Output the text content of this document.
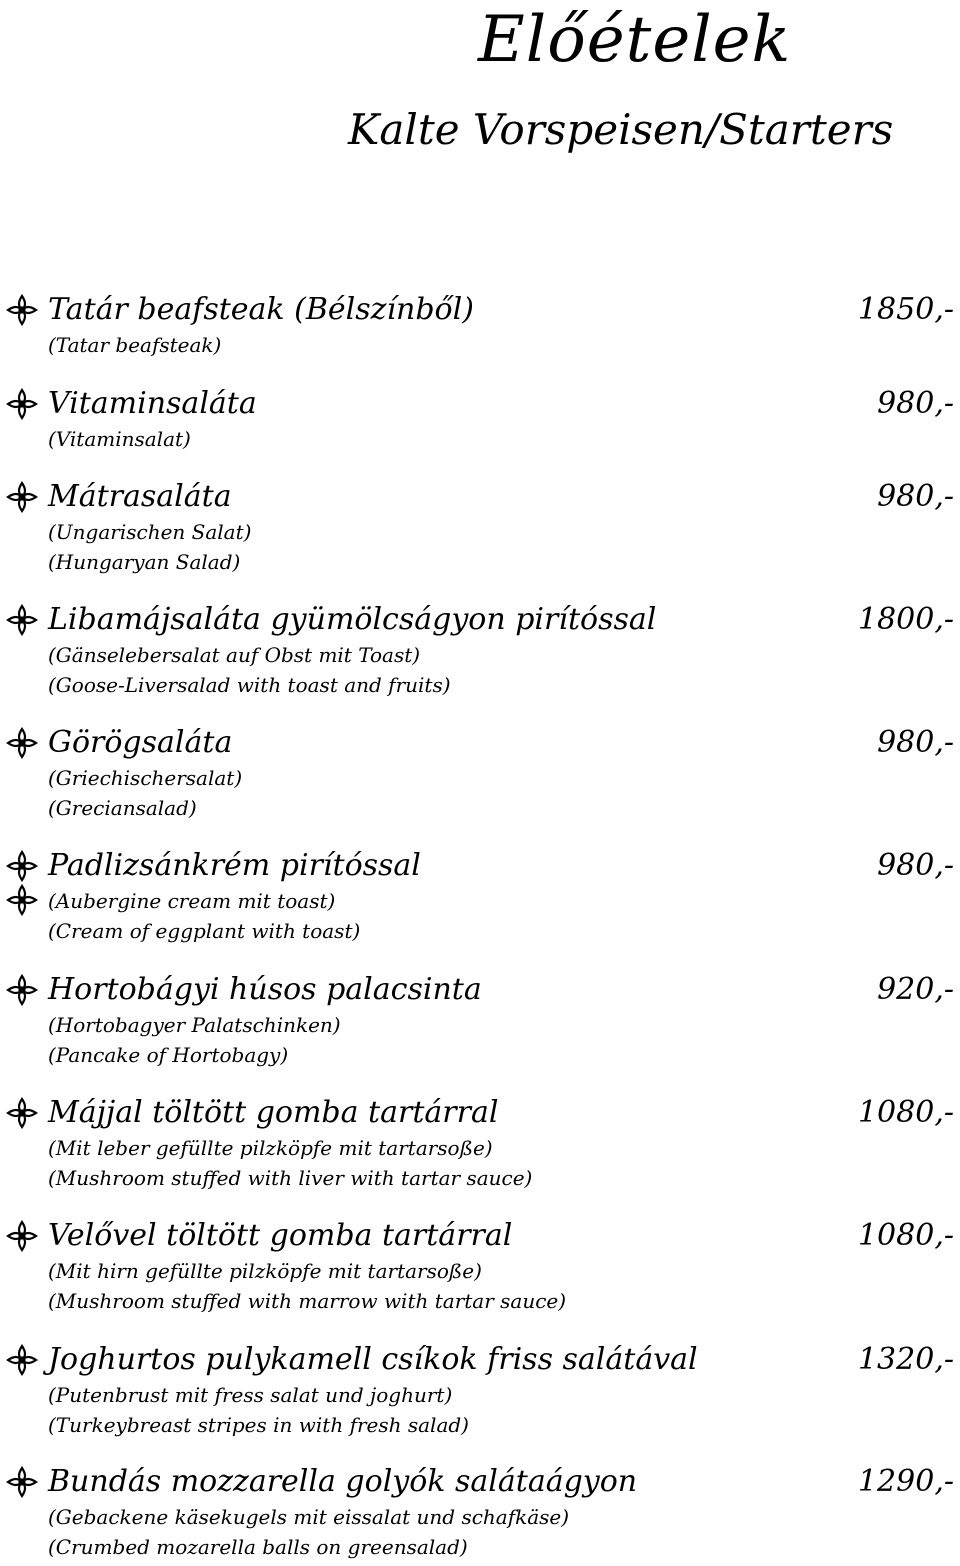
Előételek
Kalte Vorspeisen/Starters
Tatár beafsteak (Bélszínből)	1850,-
(Tatar beafsteak)
Vitaminsaláta	980,-
(Vitaminsalat)
Mátrasaláta	980,-
(Ungarischen Salat)
(Hungaryan Salad)
Libamájsaláta gyümölcságyon pirítóssal	1800,-
(Gänselebersalat auf Obst mit Toast)
(Goose-Liversalad with toast and fruits)
Görögsaláta	980,-
(Griechischersalat)
(Greciansalad)
Padlizsánkrém pirítóssal	980,-
(Aubergine cream mit toast)
(Cream of eggplant with toast)
Hortobágyi húsos palacsinta	920,-
(Hortobagyer Palatschinken)
(Pancake of Hortobagy)
Májjal töltött gomba tartárral	1080,-
(Mit leber gefüllte pilzköpfe mit tartarsoße)
(Mushroom stuffed with liver with tartar sauce)
Velővel töltött gomba tartárral	1080,-
(Mit hirn gefüllte pilzköpfe mit tartarsoße)
(Mushroom stuffed with marrow with tartar sauce)
Joghurtos pulykamell csíkok friss salátával	1320,-
(Putenbrust mit fress salat und joghurt)
(Turkeybreast stripes in with fresh salad)
Bundás mozzarella golyók salátaágyon	1290,-
(Gebackene käsekugels mit eissalat und schafkäse)
(Crumbed mozarella balls on greensalad)
